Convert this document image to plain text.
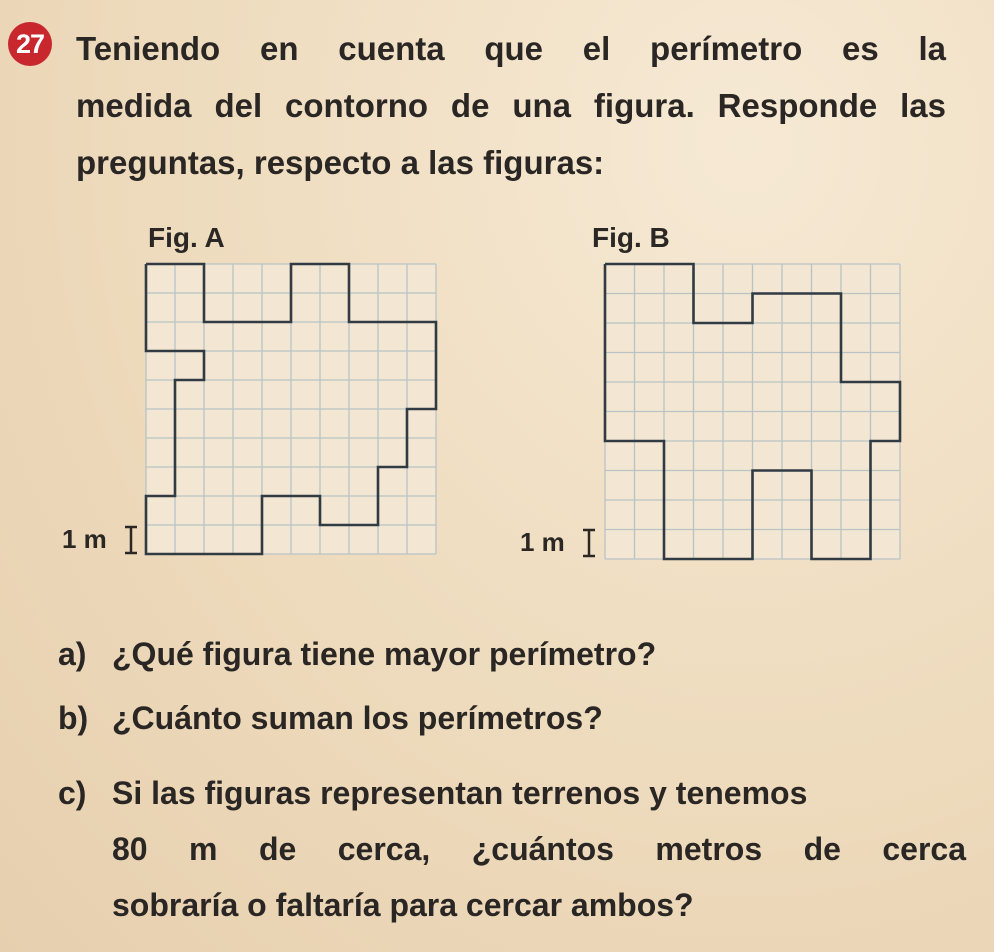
27 Teniendo en cuenta que el perímetro es la
medida del contorno de una figura. Responde las
preguntas, respecto a las figuras:

Fig. A
1 m
Fig. B
1 m

a) ¿Qué figura tiene mayor perímetro?

b) ¿Cuánto suman los perímetros?

c) Si las figuras representan terrenos y tenemos
80 m de cerca, ¿cuántos metros de cerca
sobraría o faltaría para cercar ambos?
